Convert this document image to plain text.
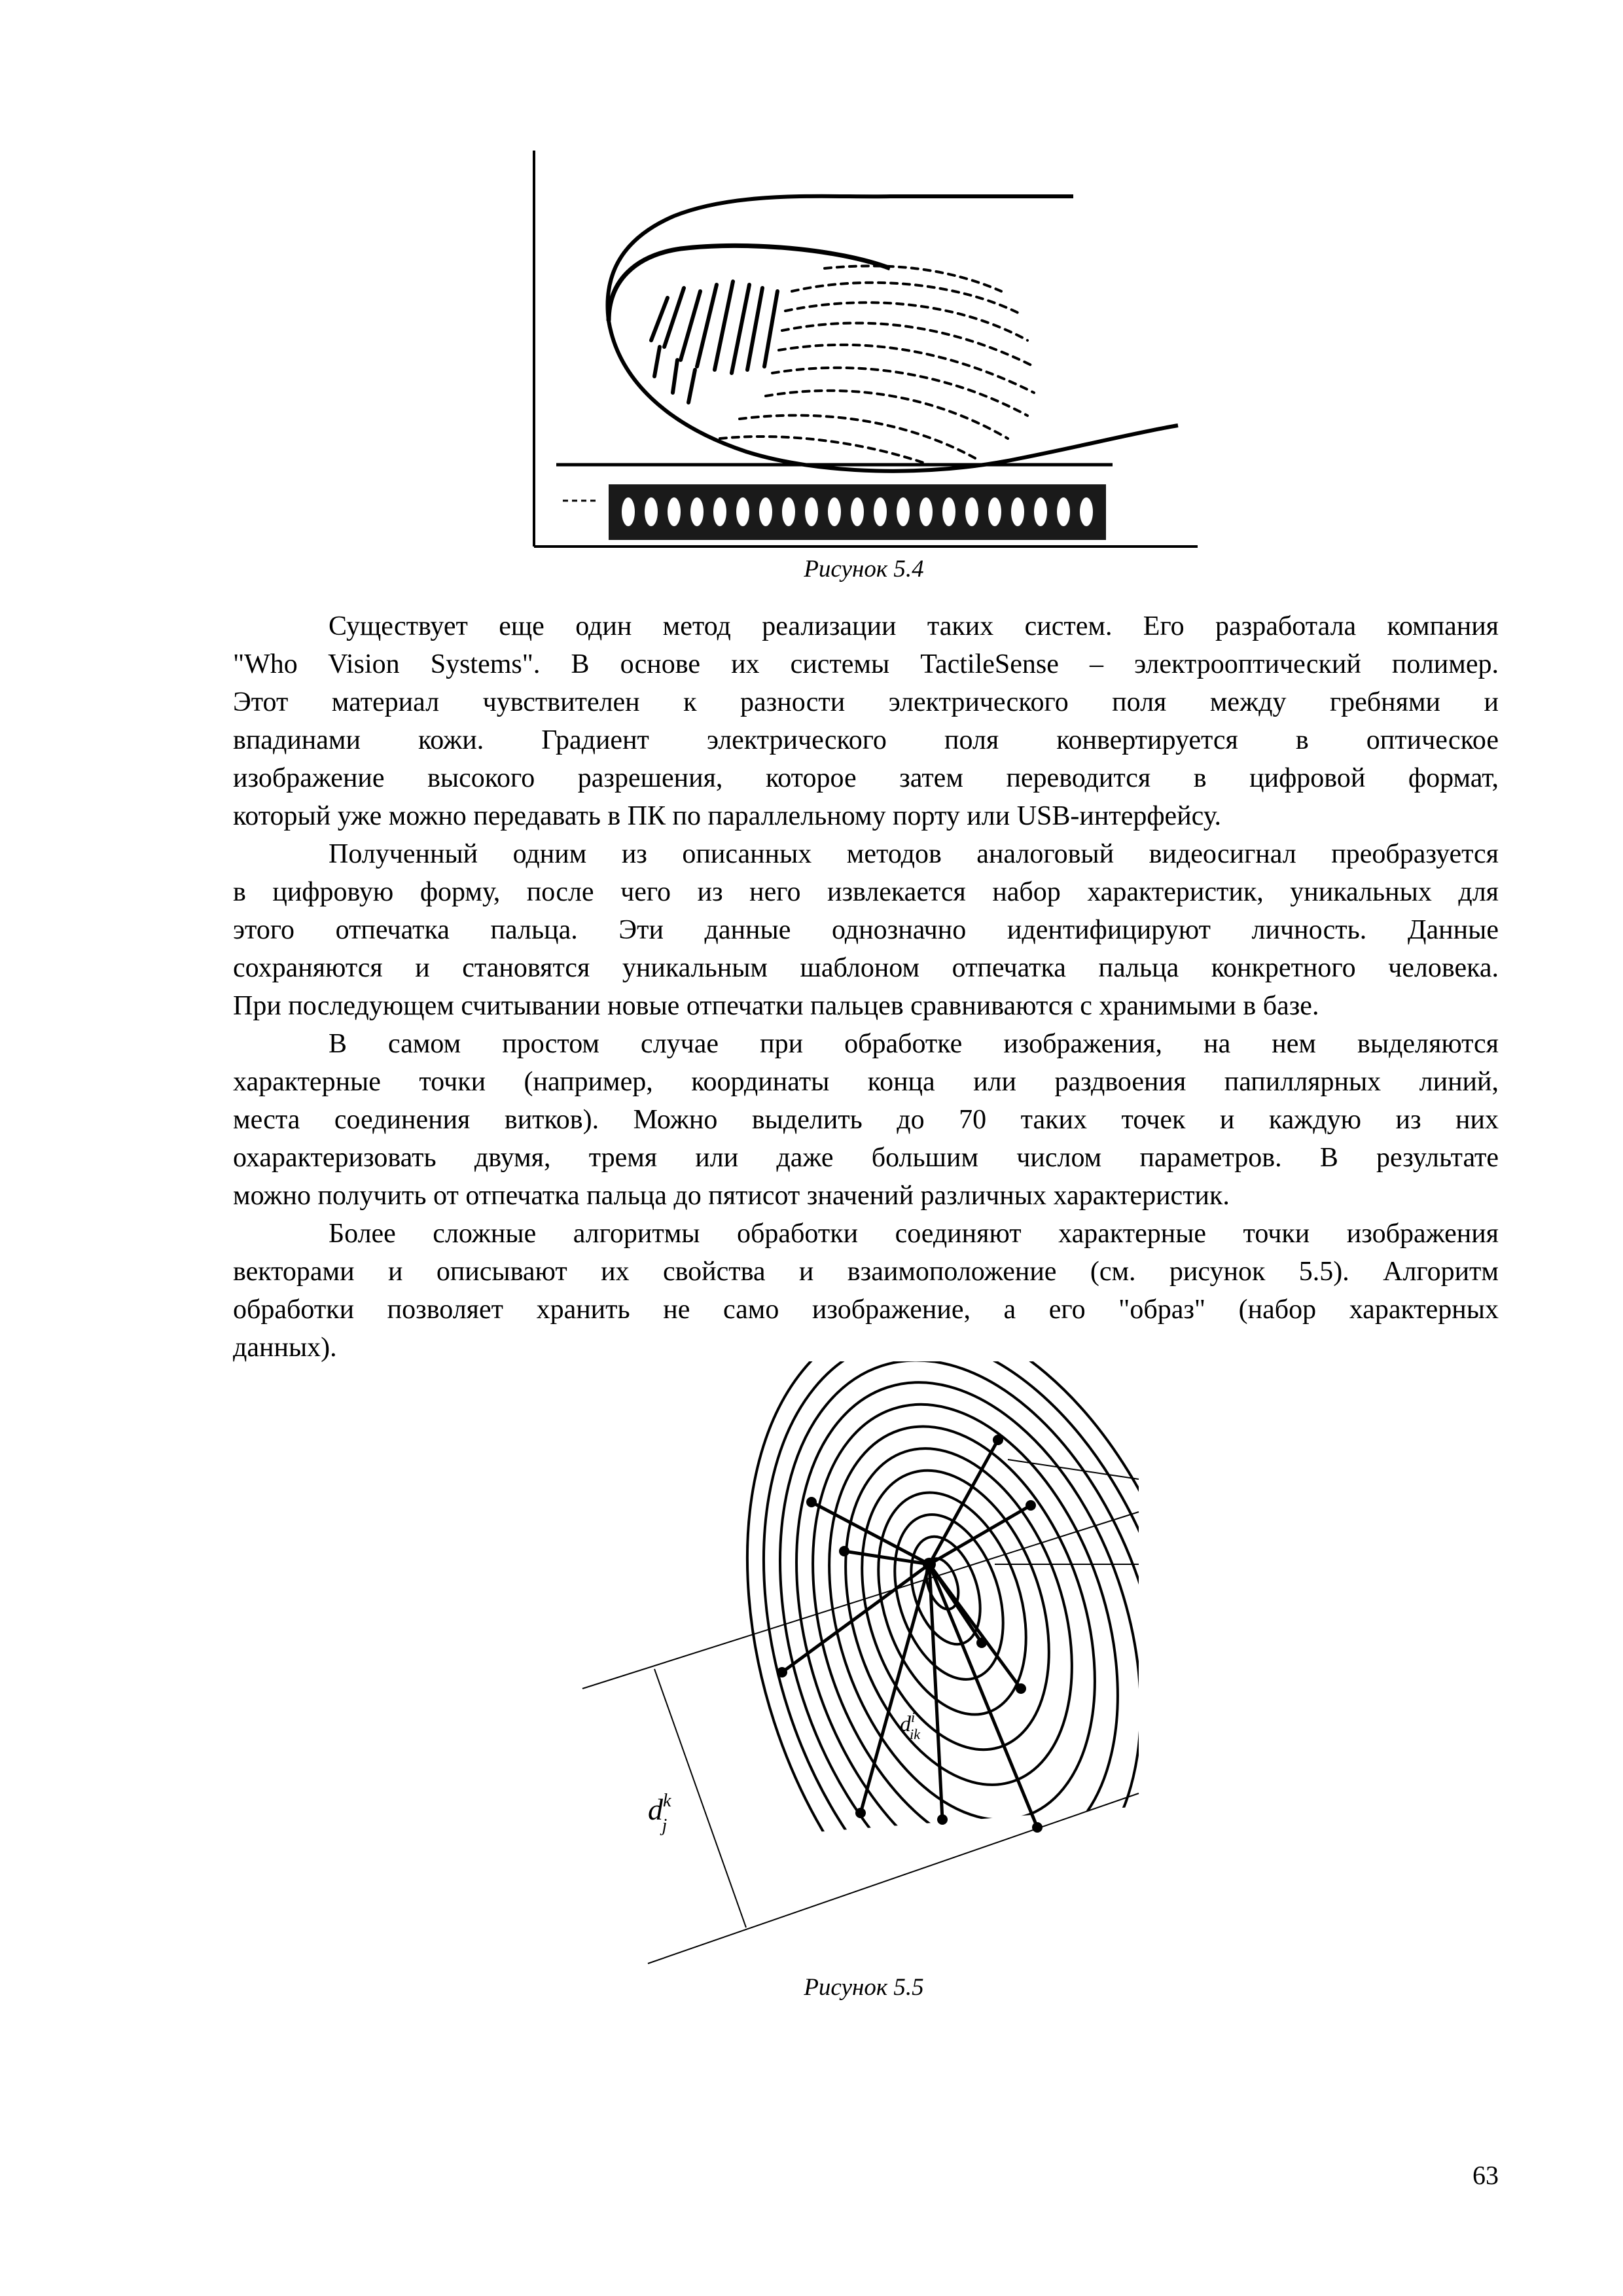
Рисунок 5.4
Существует еще один метод реализации таких систем. Его разработала компания
"Who Vision Systems". В основе их системы TactileSense – электрооптический полимер.
Этот материал чувствителен к разности электрического поля между гребнями и
впадинами кожи. Градиент электрического поля конвертируется в оптическое
изображение высокого разрешения, которое затем переводится в цифровой формат,
который уже можно передавать в ПК по параллельному порту или USB-интерфейсу.
Полученный одним из описанных методов аналоговый видеосигнал преобразуется
в цифровую форму, после чего из него извлекается набор характеристик, уникальных для
этого отпечатка пальца. Эти данные однозначно идентифицируют личность. Данные
сохраняются и становятся уникальным шаблоном отпечатка пальца конкретного человека.
При последующем считывании новые отпечатки пальцев сравниваются с хранимыми в базе.
В самом простом случае при обработке изображения, на нем выделяются
характерные точки (например, координаты конца или раздвоения папиллярных линий,
места соединения витков). Можно выделить до 70 таких точек и каждую из них
охарактеризовать двумя, тремя или даже большим числом параметров. В результате
можно получить от отпечатка пальца до пятисот значений различных характеристик.
Более сложные алгоритмы обработки соединяют характерные точки изображения
векторами и описывают их свойства и взаимоположение (см. рисунок 5.5). Алгоритм
обработки позволяет хранить не само изображение, а его "образ" (набор характерных
данных).
$d^k$ j
$d^i$ ik
Рисунок 5.5
63
